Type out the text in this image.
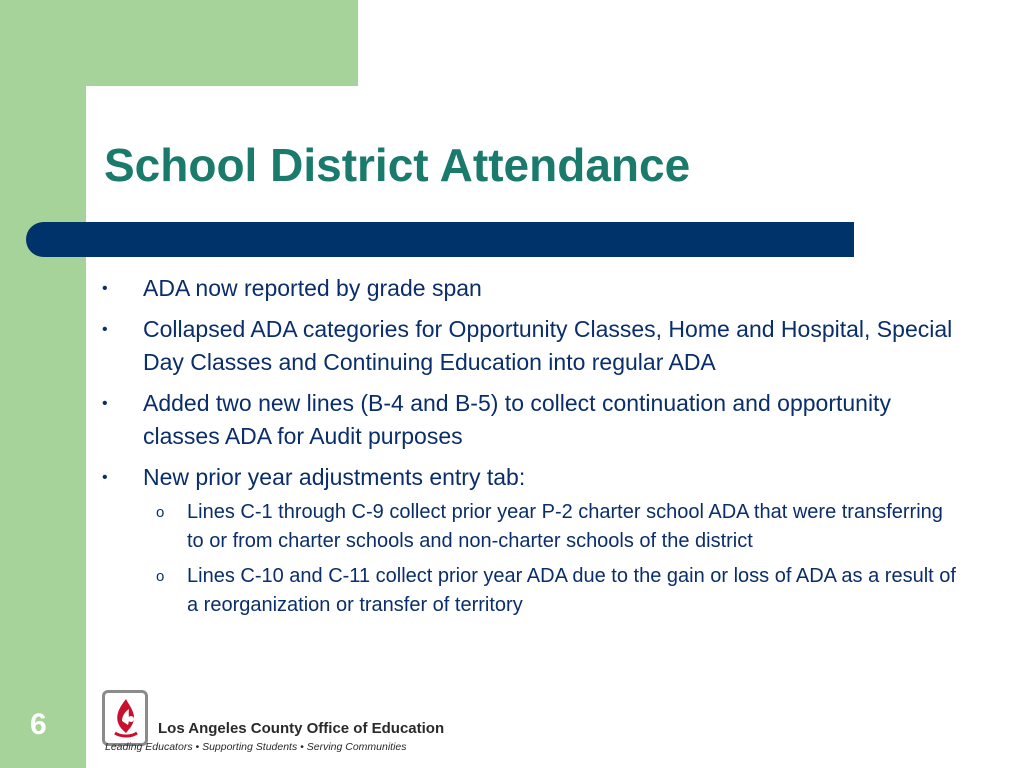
School District Attendance
• ADA now reported by grade span
• Collapsed ADA categories for Opportunity Classes, Home and Hospital, Special Day Classes and Continuing Education into regular ADA
• Added two new lines (B-4 and B-5) to collect continuation and opportunity classes ADA for Audit purposes
• New prior year adjustments entry tab:
o Lines C-1 through C-9 collect prior year P-2 charter school ADA that were transferring to or from charter schools and non-charter schools of the district
o Lines C-10 and C-11 collect prior year ADA due to the gain or loss of ADA as a result of a reorganization or transfer of territory
6	Los Angeles County Office of Education
Leading Educators • Supporting Students • Serving Communities
